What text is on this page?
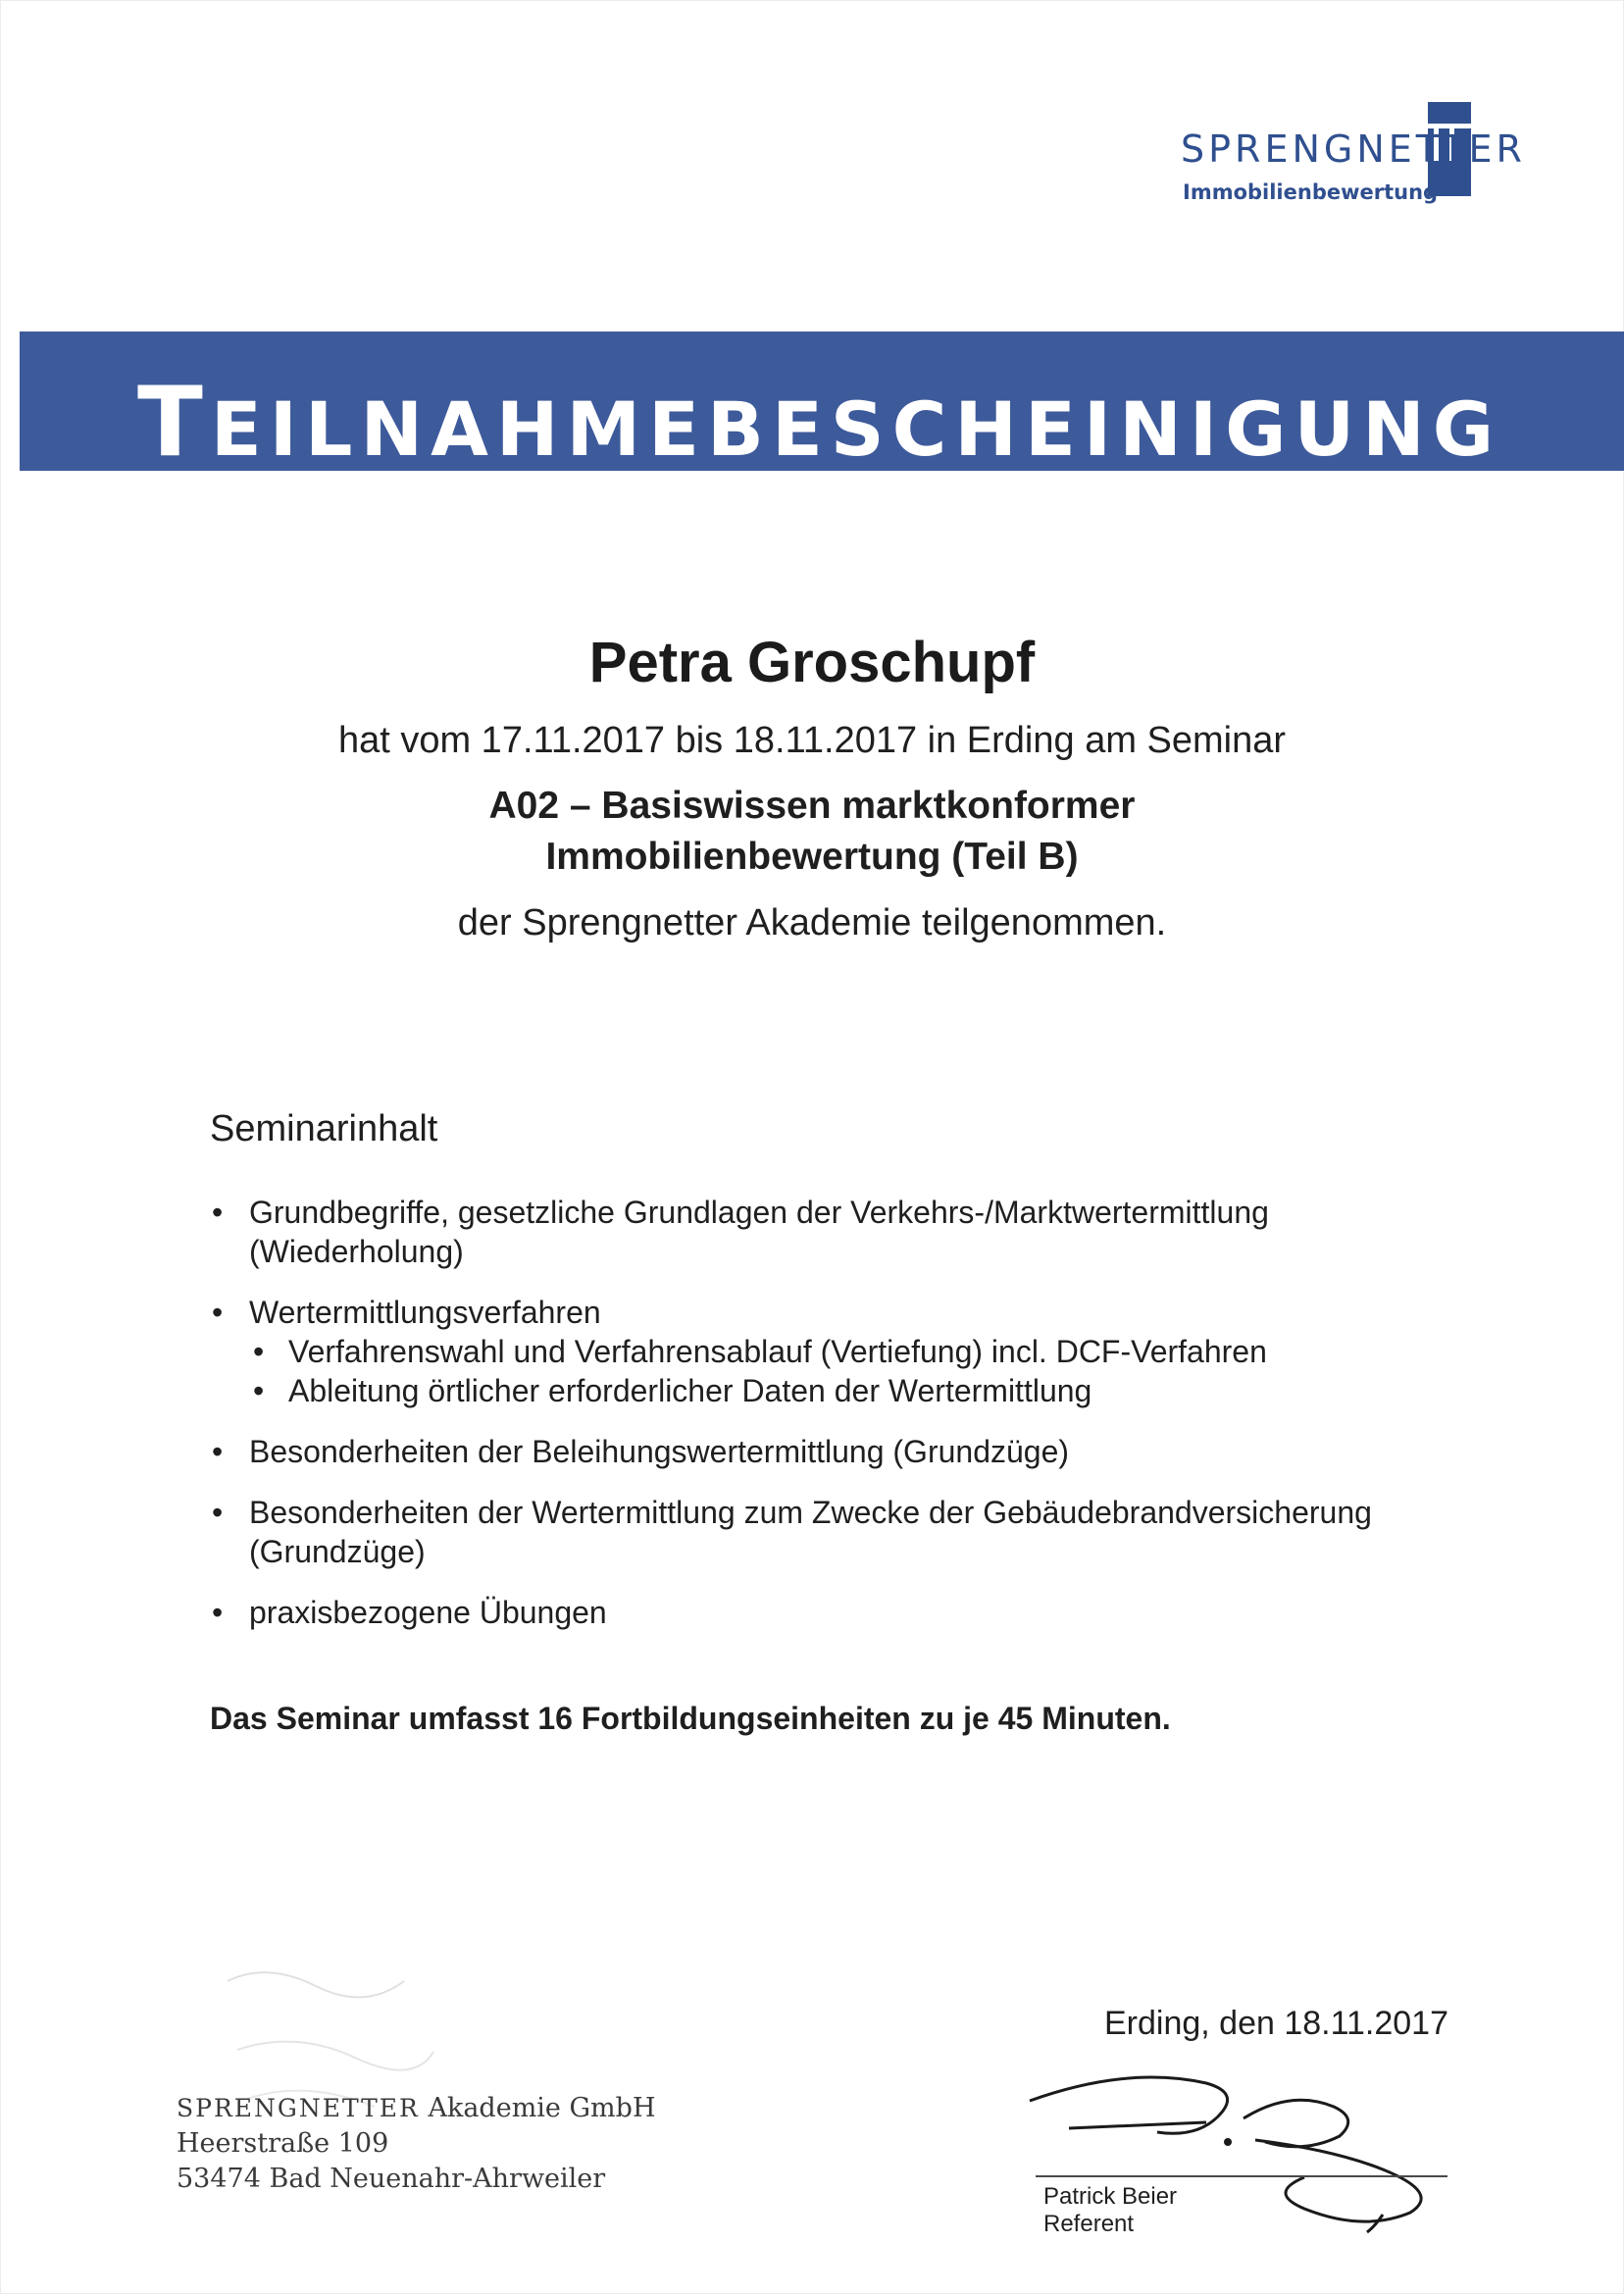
SPRENGNETTER
Immobilienbewertung
TEILNAHMEBESCHEINIGUNG
Petra Groschupf
hat vom 17.11.2017 bis 18.11.2017 in Erding am Seminar
A02 – Basiswissen marktkonformer
Immobilienbewertung (Teil B)
der Sprengnetter Akademie teilgenommen.
Seminarinhalt
• Grundbegriffe, gesetzliche Grundlagen der Verkehrs-/Marktwertermittlung
(Wiederholung)
• Wertermittlungsverfahren
• Verfahrenswahl und Verfahrensablauf (Vertiefung) incl. DCF-Verfahren
• Ableitung örtlicher erforderlicher Daten der Wertermittlung
• Besonderheiten der Beleihungswertermittlung (Grundzüge)
• Besonderheiten der Wertermittlung zum Zwecke der Gebäudebrandversicherung
(Grundzüge)
• praxisbezogene Übungen
Das Seminar umfasst 16 Fortbildungseinheiten zu je 45 Minuten.
Erding, den 18.11.2017
Patrick Beier
Referent
SPRENGNETTER Akademie GmbH
Heerstraße 109
53474 Bad Neuenahr-Ahrweiler
